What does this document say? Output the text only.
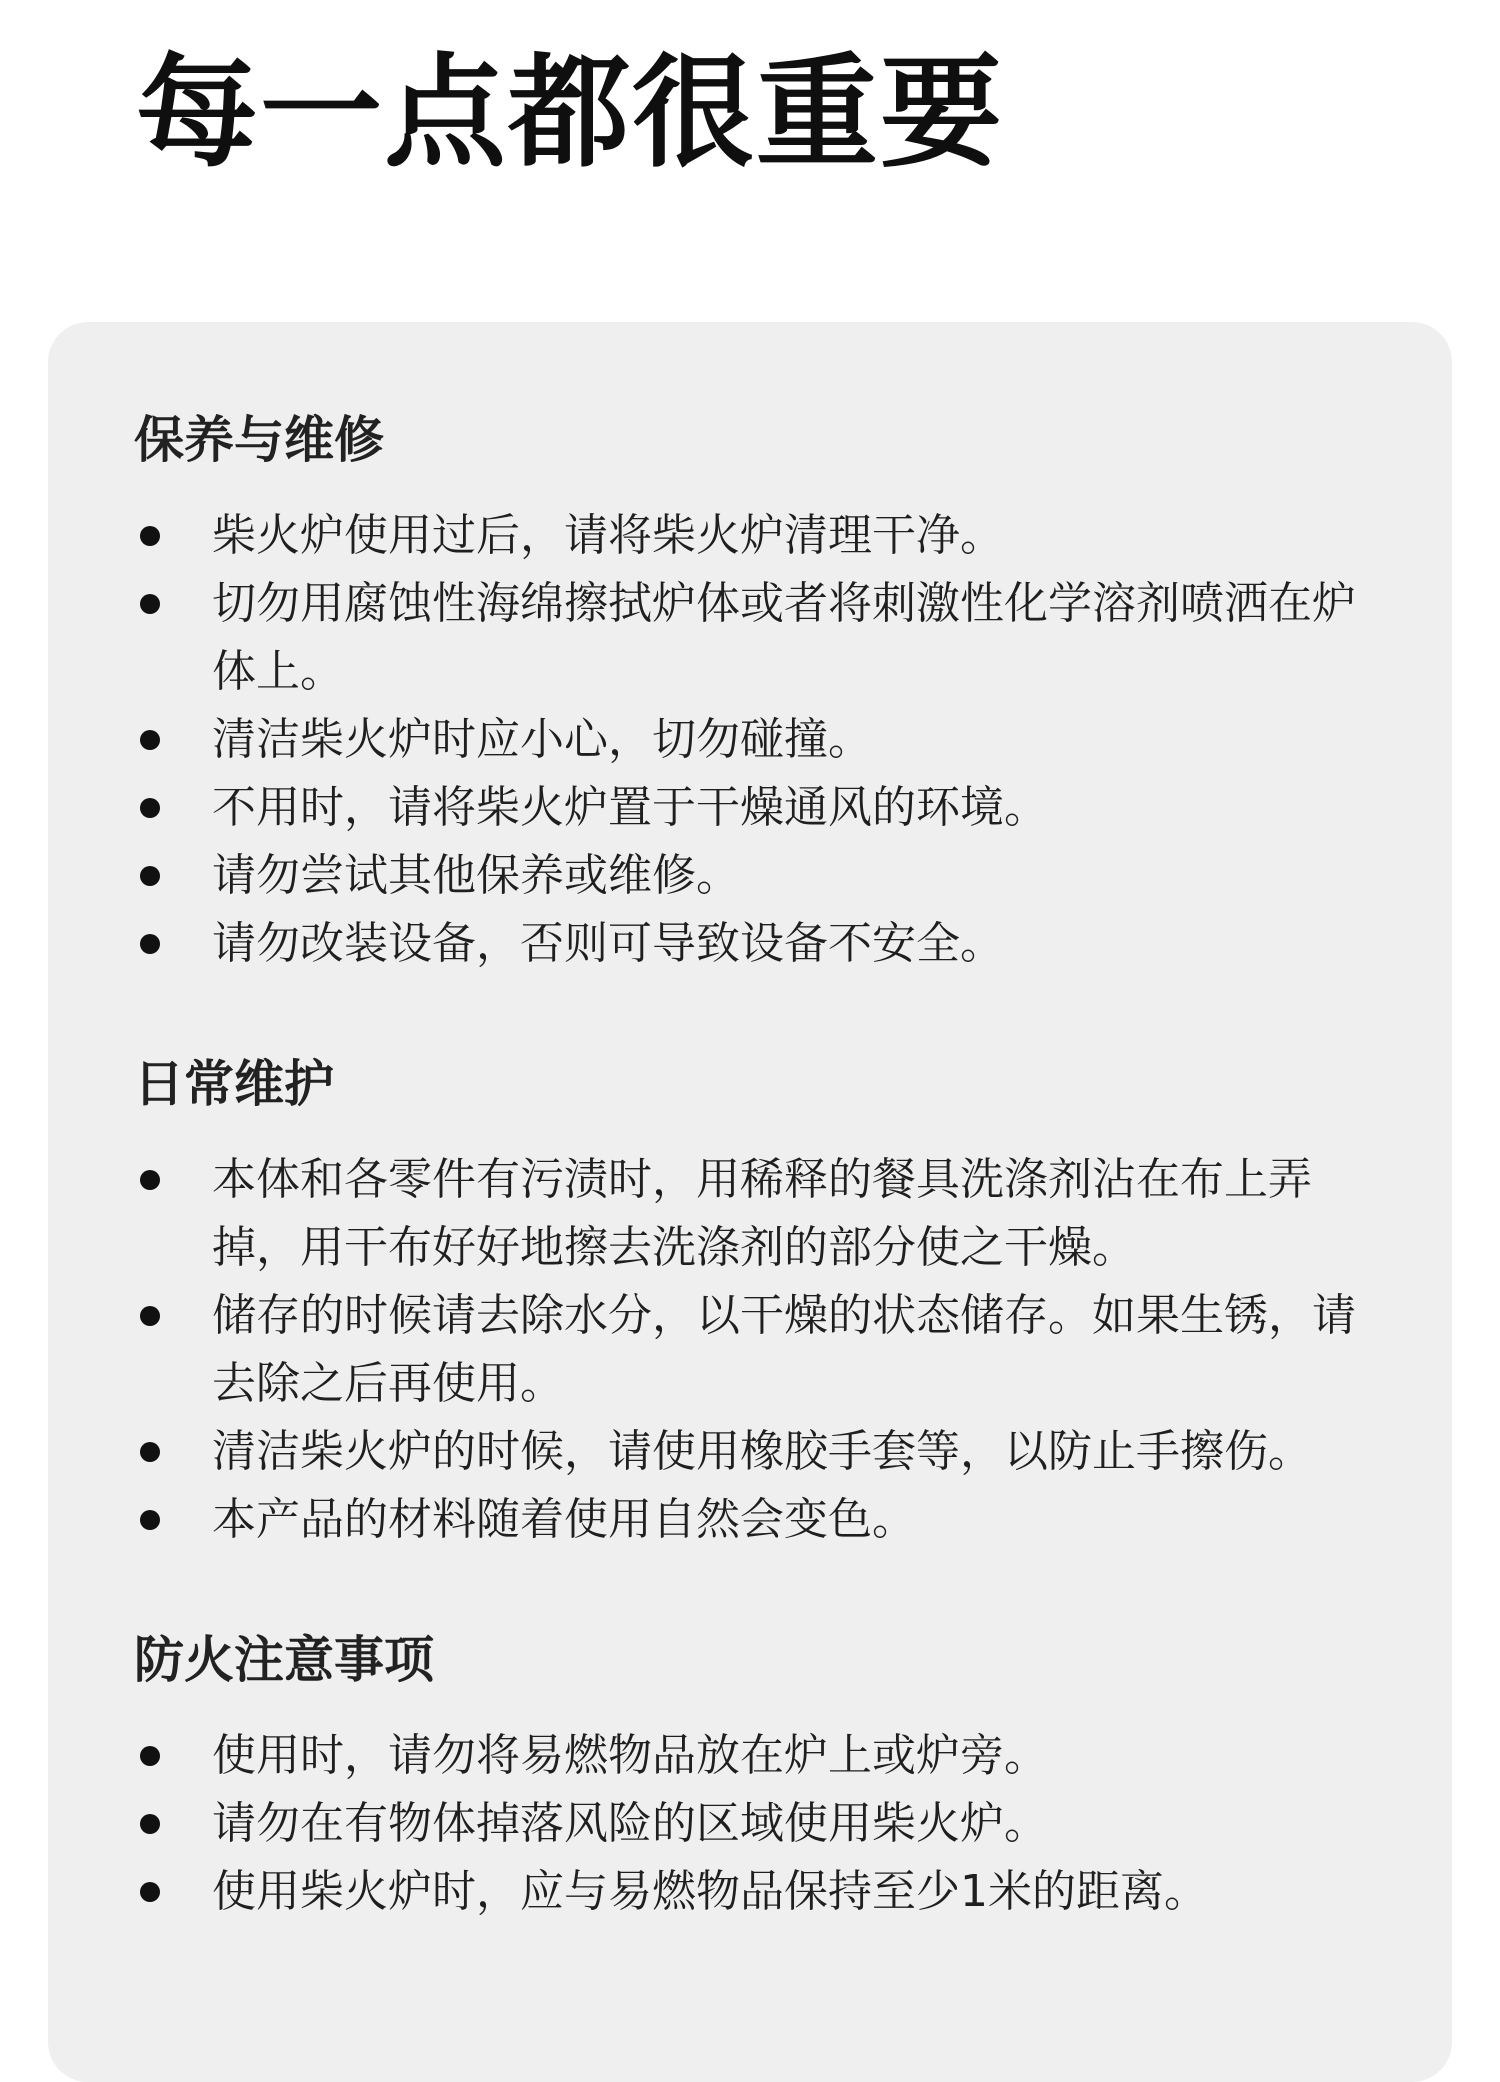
每一点都很重要
保养与维修
柴火炉使用过后，请将柴火炉清理干净。
切勿用腐蚀性海绵擦拭炉体或者将刺激性化学溶剂喷洒在炉体上。
清洁柴火炉时应小心，切勿碰撞。
不用时，请将柴火炉置于干燥通风的环境。
请勿尝试其他保养或维修。
请勿改装设备，否则可导致设备不安全。
日常维护
本体和各零件有污渍时，用稀释的餐具洗涤剂沾在布上弄掉，用干布好好地擦去洗涤剂的部分使之干燥。
储存的时候请去除水分，以干燥的状态储存。如果生锈，请去除之后再使用。
清洁柴火炉的时候，请使用橡胶手套等，以防止手擦伤。
本产品的材料随着使用自然会变色。
防火注意事项
使用时，请勿将易燃物品放在炉上或炉旁。
请勿在有物体掉落风险的区域使用柴火炉。
使用柴火炉时，应与易燃物品保持至少1米的距离。
